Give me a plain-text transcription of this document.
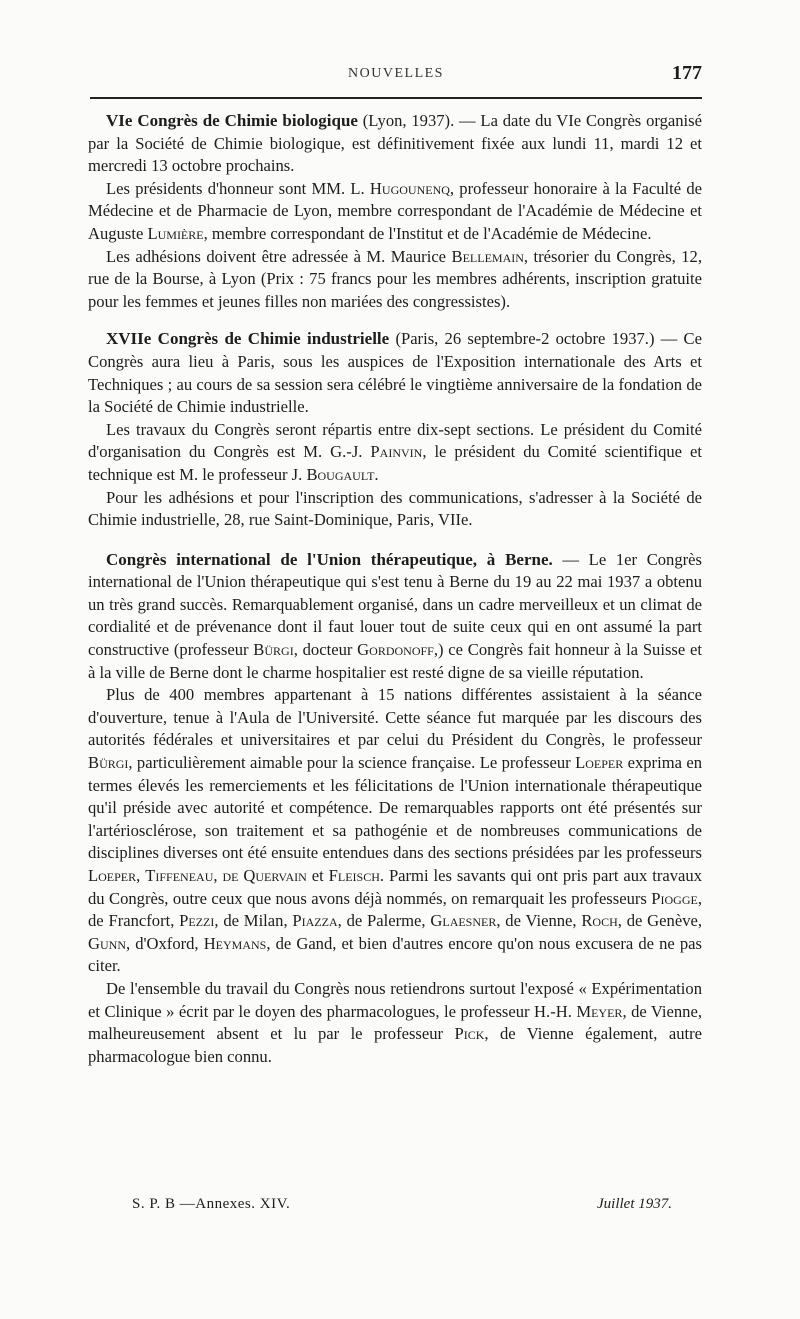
NOUVELLES	177

VIe Congrès de Chimie biologique (Lyon, 1937). — La date du VIe Congrès organisé par la Société de Chimie biologique, est définitivement fixée aux lundi 11, mardi 12 et mercredi 13 octobre prochains.

Les présidents d'honneur sont MM. L. Hugounenq, professeur honoraire à la Faculté de Médecine et de Pharmacie de Lyon, membre correspondant de l'Académie de Médecine et Auguste Lumière, membre correspondant de l'Institut et de l'Académie de Médecine.

Les adhésions doivent être adressée à M. Maurice Bellemain, trésorier du Congrès, 12, rue de la Bourse, à Lyon (Prix : 75 francs pour les membres adhérents, inscription gratuite pour les femmes et jeunes filles non mariées des congressistes).

XVIIe Congrès de Chimie industrielle (Paris, 26 septembre-2 octobre 1937.) — Ce Congrès aura lieu à Paris, sous les auspices de l'Exposition internationale des Arts et Techniques ; au cours de sa session sera célébré le vingtième anniversaire de la fondation de la Société de Chimie industrielle.

Les travaux du Congrès seront répartis entre dix-sept sections. Le président du Comité d'organisation du Congrès est M. G.-J. Painvin, le président du Comité scientifique et technique est M. le professeur J. Bougault.

Pour les adhésions et pour l'inscription des communications, s'adresser à la Société de Chimie industrielle, 28, rue Saint-Dominique, Paris, VIIe.

Congrès international de l'Union thérapeutique, à Berne. — Le 1er Congrès international de l'Union thérapeutique qui s'est tenu à Berne du 19 au 22 mai 1937 a obtenu un très grand succès. Remarquablement organisé, dans un cadre merveilleux et un climat de cordialité et de prévenance dont il faut louer tout de suite ceux qui en ont assumé la part constructive (professeur Bürgi, docteur Gordonoff,) ce Congrès fait honneur à la Suisse et à la ville de Berne dont le charme hospitalier est resté digne de sa vieille réputation.

Plus de 400 membres appartenant à 15 nations différentes assistaient à la séance d'ouverture, tenue à l'Aula de l'Université. Cette séance fut marquée par les discours des autorités fédérales et universitaires et par celui du Président du Congrès, le professeur Bürgi, particulièrement aimable pour la science française. Le professeur Loeper exprima en termes élevés les remerciements et les félicitations de l'Union internationale thérapeutique qu'il préside avec autorité et compétence. De remarquables rapports ont été présentés sur l'artériosclérose, son traitement et sa pathogénie et de nombreuses communications de disciplines diverses ont été ensuite entendues dans des sections présidées par les professeurs Loeper, Tiffeneau, de Quervain et Fleisch. Parmi les savants qui ont pris part aux travaux du Congrès, outre ceux que nous avons déjà nommés, on remarquait les professeurs Piogge, de Francfort, Pezzi, de Milan, Piazza, de Palerme, Glaesner, de Vienne, Roch, de Genève, Gunn, d'Oxford, Heymans, de Gand, et bien d'autres encore qu'on nous excusera de ne pas citer.

De l'ensemble du travail du Congrès nous retiendrons surtout l'exposé « Expérimentation et Clinique » écrit par le doyen des pharmacologues, le professeur H.-H. Meyer, de Vienne, malheureusement absent et lu par le professeur Pick, de Vienne également, autre pharmacologue bien connu.

S. P. B —Annexes. XIV.	Juillet 1937.
